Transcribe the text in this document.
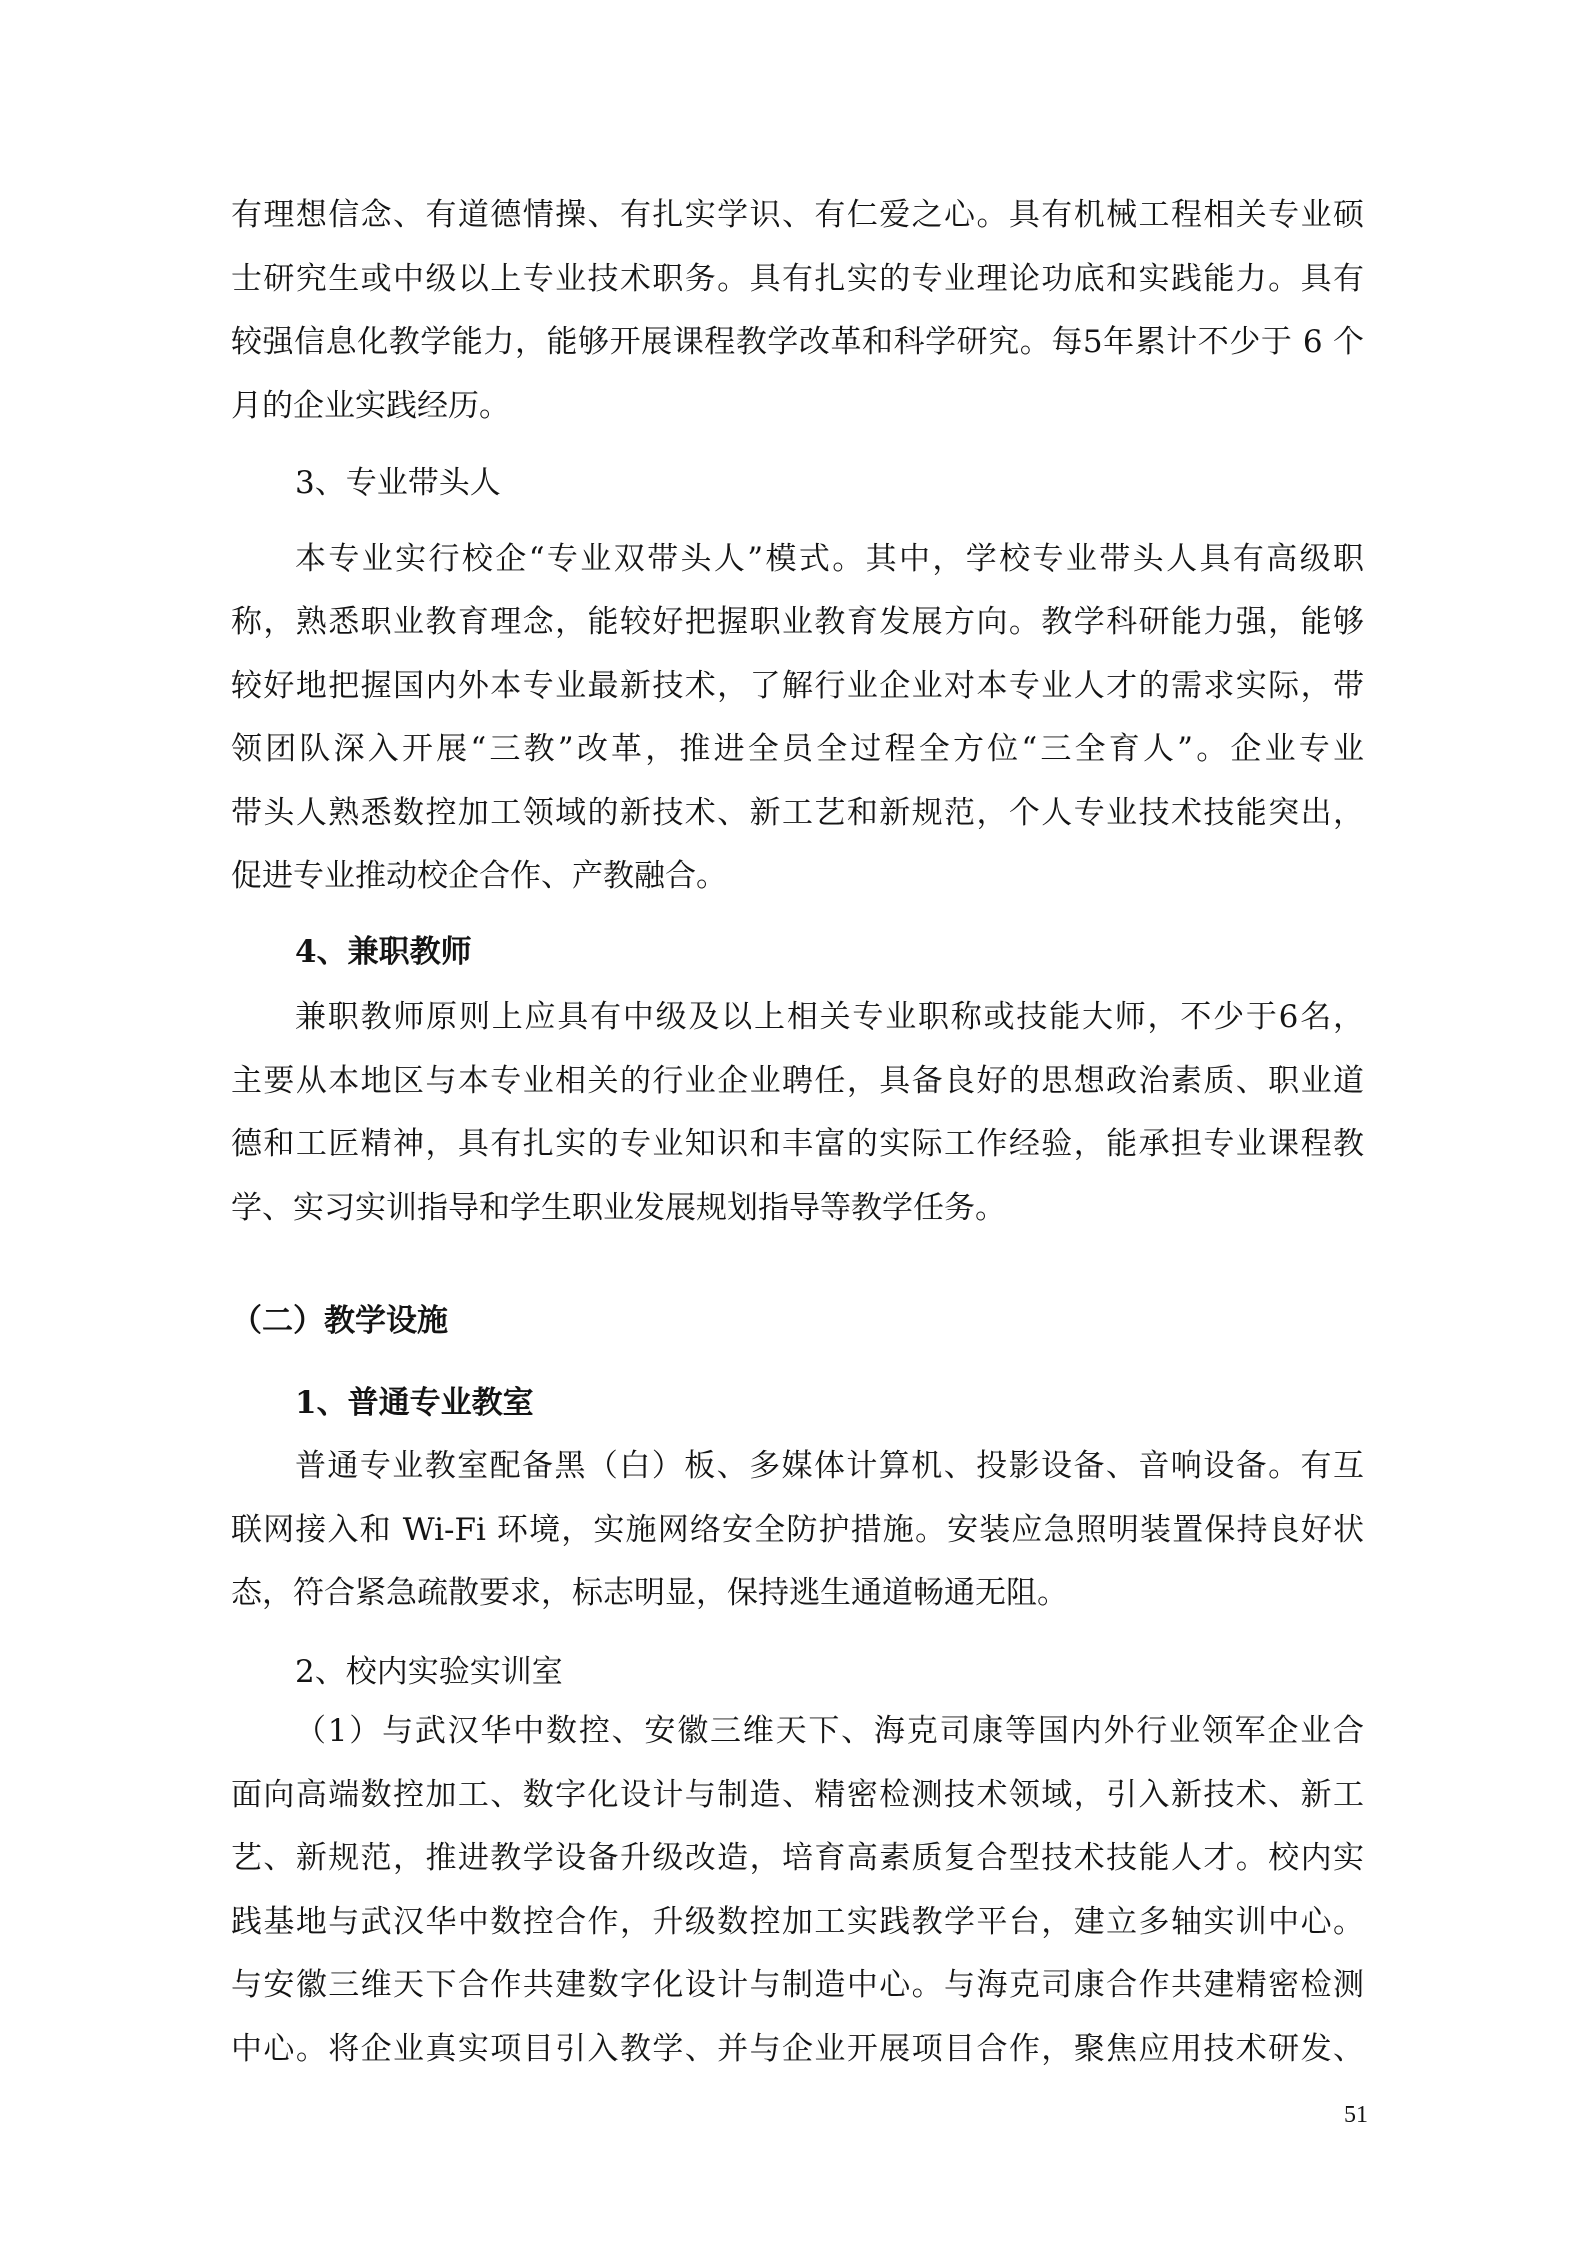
有理想信念、有道德情操、有扎实学识、有仁爱之心。具有机械工程相关专业硕
士研究生或中级以上专业技术职务。具有扎实的专业理论功底和实践能力。具有
较强信息化教学能力，能够开展课程教学改革和科学研究。每5年累计不少于 6 个
月的企业实践经历。
3、专业带头人
本专业实行校企“专业双带头人”模式。其中，学校专业带头人具有高级职
称，熟悉职业教育理念，能较好把握职业教育发展方向。教学科研能力强，能够
较好地把握国内外本专业最新技术，了解行业企业对本专业人才的需求实际，带
领团队深入开展“三教”改革，推进全员全过程全方位“三全育人”。企业专业
带头人熟悉数控加工领域的新技术、新工艺和新规范，个人专业技术技能突出，
促进专业推动校企合作、产教融合。
4、兼职教师
兼职教师原则上应具有中级及以上相关专业职称或技能大师，不少于6名，
主要从本地区与本专业相关的行业企业聘任，具备良好的思想政治素质、职业道
德和工匠精神，具有扎实的专业知识和丰富的实际工作经验，能承担专业课程教
学、实习实训指导和学生职业发展规划指导等教学任务。
（二）教学设施
1、普通专业教室
普通专业教室配备黑（白）板、多媒体计算机、投影设备、音响设备。有互
联网接入和 Wi-Fi 环境，实施网络安全防护措施。安装应急照明装置保持良好状
态，符合紧急疏散要求，标志明显，保持逃生通道畅通无阻。
2、校内实验实训室
（1）与武汉华中数控、安徽三维天下、海克司康等国内外行业领军企业合
面向高端数控加工、数字化设计与制造、精密检测技术领域，引入新技术、新工
艺、新规范，推进教学设备升级改造，培育高素质复合型技术技能人才。校内实
践基地与武汉华中数控合作，升级数控加工实践教学平台，建立多轴实训中心。
与安徽三维天下合作共建数字化设计与制造中心。与海克司康合作共建精密检测
中心。将企业真实项目引入教学、并与企业开展项目合作，聚焦应用技术研发、
51
